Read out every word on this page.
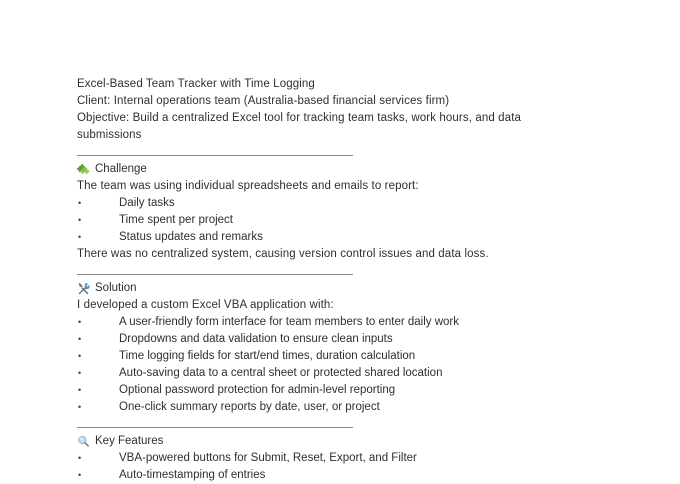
Excel-Based Team Tracker with Time Logging
Client: Internal operations team (Australia-based financial services firm)
Objective: Build a centralized Excel tool for tracking team tasks, work hours, and data submissions
Challenge
The team was using individual spreadsheets and emails to report:
•	Daily tasks
•	Time spent per project
•	Status updates and remarks
There was no centralized system, causing version control issues and data loss.
Solution
I developed a custom Excel VBA application with:
•	A user-friendly form interface for team members to enter daily work
•	Dropdowns and data validation to ensure clean inputs
•	Time logging fields for start/end times, duration calculation
•	Auto-saving data to a central sheet or protected shared location
•	Optional password protection for admin-level reporting
•	One-click summary reports by date, user, or project
Key Features
•	VBA-powered buttons for Submit, Reset, Export, and Filter
•	Auto-timestamping of entries
